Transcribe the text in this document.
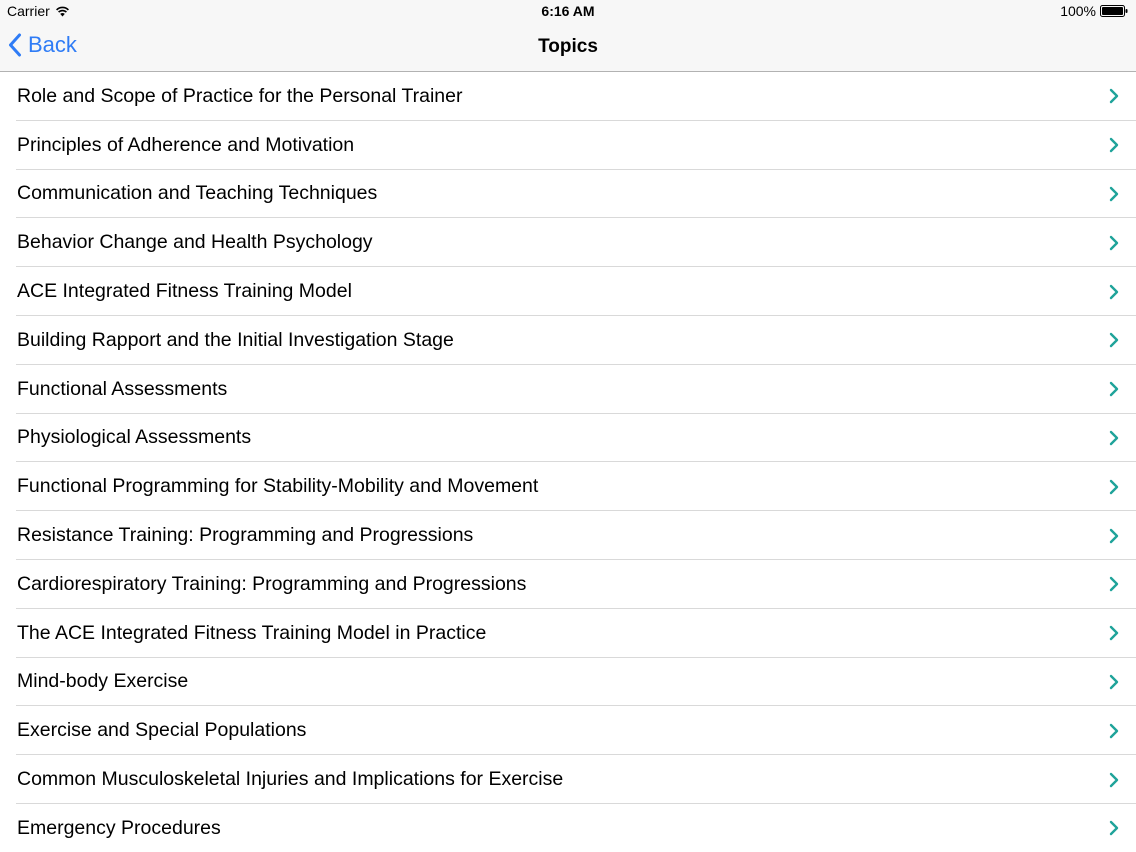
Carrier	6:16 AM	100%
Back	Topics
Role and Scope of Practice for the Personal Trainer
Principles of Adherence and Motivation
Communication and Teaching Techniques
Behavior Change and Health Psychology
ACE Integrated Fitness Training Model
Building Rapport and the Initial Investigation Stage
Functional Assessments
Physiological Assessments
Functional Programming for Stability-Mobility and Movement
Resistance Training: Programming and Progressions
Cardiorespiratory Training: Programming and Progressions
The ACE Integrated Fitness Training Model in Practice
Mind-body Exercise
Exercise and Special Populations
Common Musculoskeletal Injuries and Implications for Exercise
Emergency Procedures
